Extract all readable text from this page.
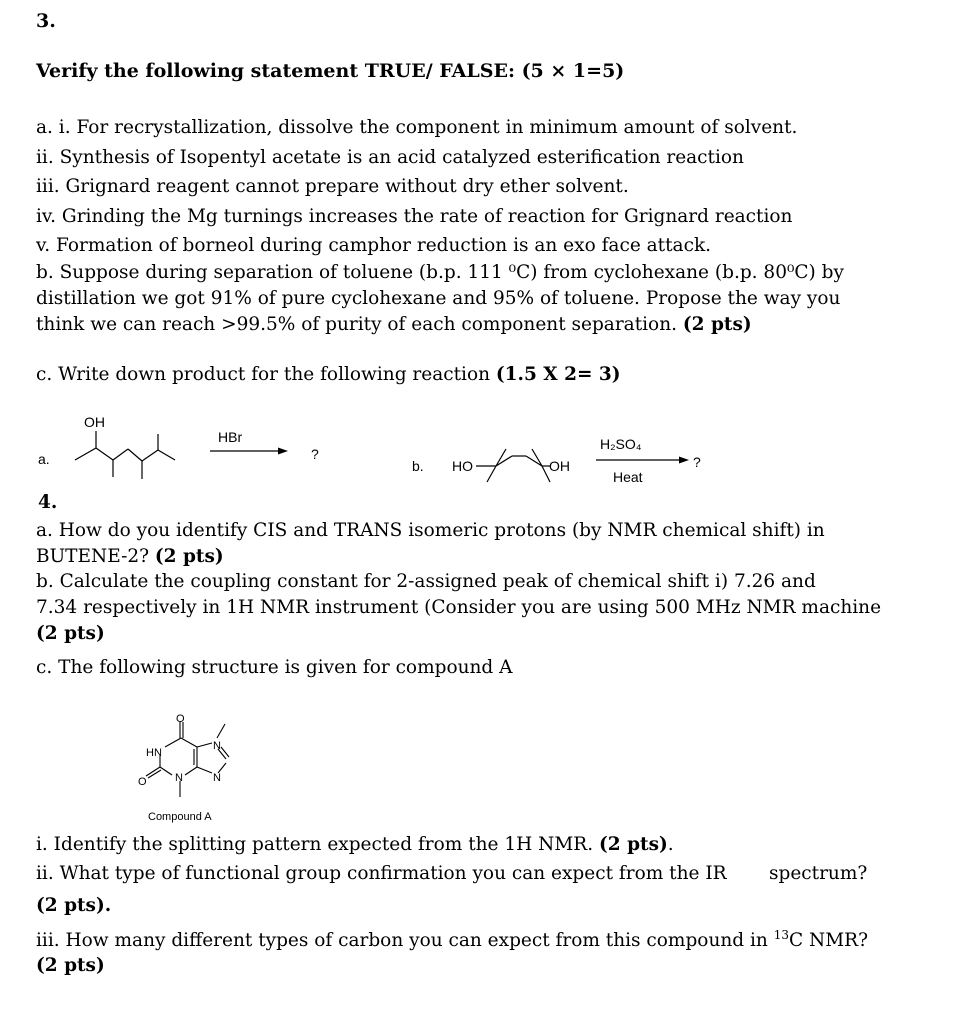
3.
Verify the following statement TRUE/ FALSE: (5 × 1=5)
a. i. For recrystallization, dissolve the component in minimum amount of solvent.
ii. Synthesis of Isopentyl acetate is an acid catalyzed esterification reaction
iii. Grignard reagent cannot prepare without dry ether solvent.
iv. Grinding the Mg turnings increases the rate of reaction for Grignard reaction
v. Formation of borneol during camphor reduction is an exo face attack.
b. Suppose during separation of toluene (b.p. 111 ⁰C) from cyclohexane (b.p. 80⁰C) by
distillation we got 91% of pure cyclohexane and 95% of toluene. Propose the way you
think we can reach >99.5% of purity of each component separation. (2 pts)
c. Write down product for the following reaction (1.5 X 2= 3)
a.
OH
HBr
?
b. HO	OH
H₂SO₄
Heat
?
4.
a. How do you identify CIS and TRANS isomeric protons (by NMR chemical shift) in
BUTENE-2? (2 pts)
b. Calculate the coupling constant for 2-assigned peak of chemical shift i) 7.26 and
7.34 respectively in 1H NMR instrument (Consider you are using 500 MHz NMR machine
(2 pts)
c. The following structure is given for compound A
O
HN
O	N
N
N
Compound A
i. Identify the splitting pattern expected from the 1H NMR. (2 pts).
ii. What type of functional group confirmation you can expect from the IR spectrum?
(2 pts).
iii. How many different types of carbon you can expect from this compound in $^{13}$C NMR?
(2 pts)
